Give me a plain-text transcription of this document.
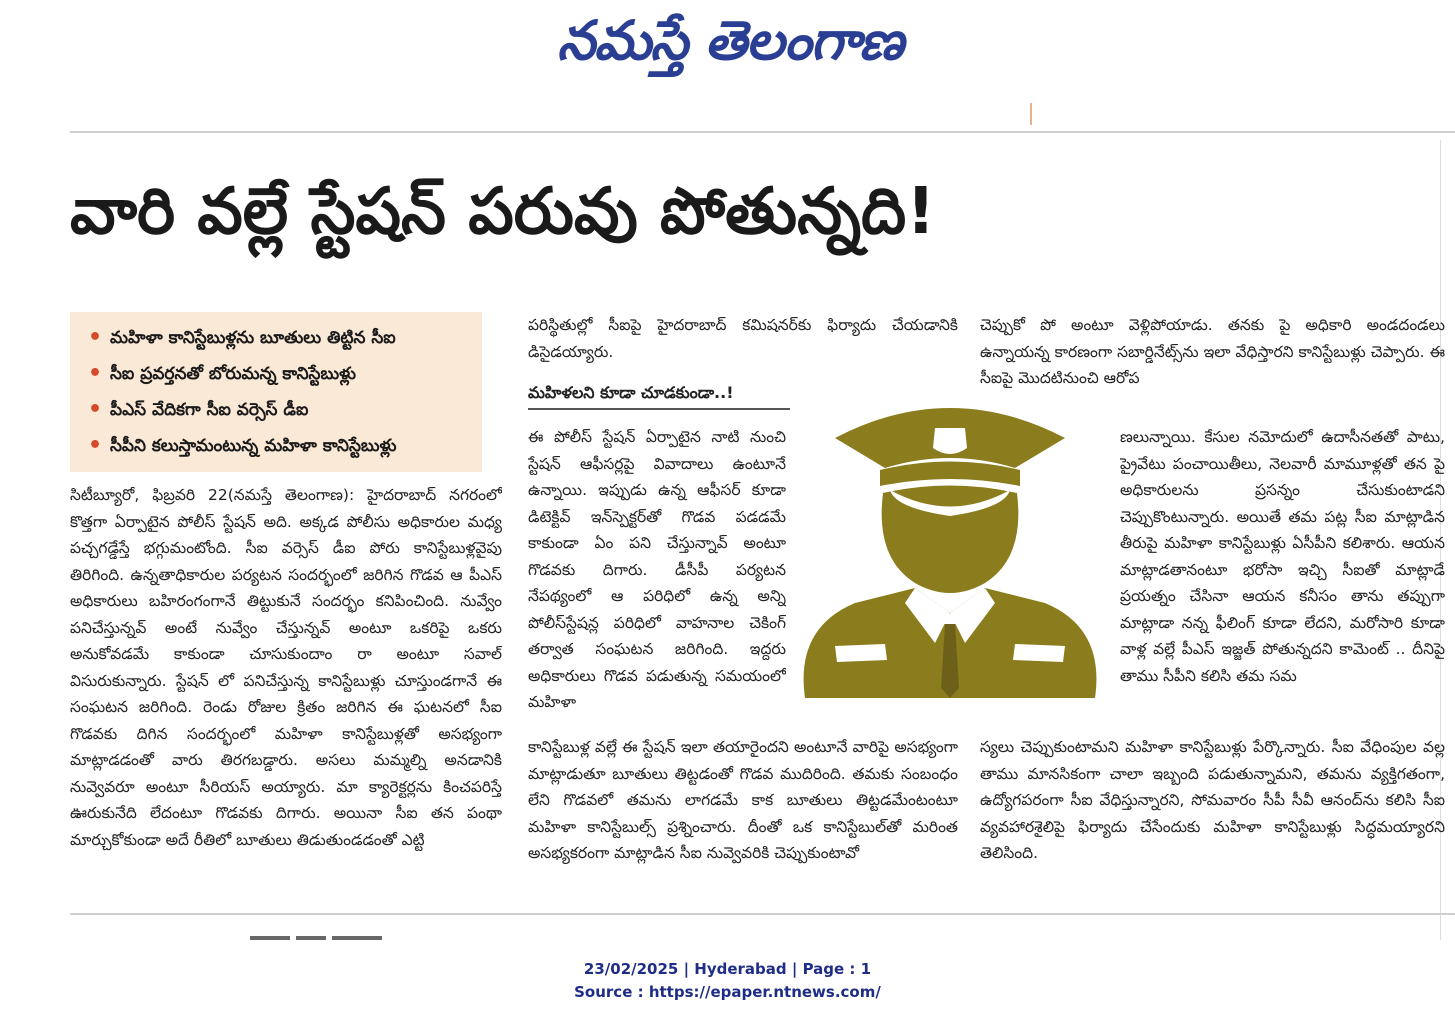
నమస్తే తెలంగాణ
వారి వల్లే స్టేషన్ పరువు పోతున్నది!
• మహిళా కానిస్టేబుళ్లను బూతులు తిట్టిన సీఐ
• సీఐ ప్రవర్తనతో బోరుమన్న కానిస్టేబుళ్లు
• పీఎస్ వేదికగా సీఐ వర్సెస్ డీఐ
• సీపీని కలుస్తామంటున్న మహిళా కానిస్టేబుళ్లు

సిటీబ్యూరో, ఫిబ్రవరి 22(నమస్తే తెలంగాణ): హైదరాబాద్ నగరంలో కొత్తగా ఏర్పాటైన పోలీస్ స్టేషన్ అది. అక్కడ పోలీసు అధికారుల మధ్య పచ్చగడ్డేస్తే భగ్గుమంటోంది. సీఐ వర్సెస్ డీఐ పోరు కానిస్టేబుళ్లవైపు తిరిగింది. ఉన్నతాధికారుల పర్యటన సందర్భంలో జరిగిన గొడవ ఆ పీఎస్ అధికారులు బహిరంగంగానే తిట్టుకునే సందర్భం కనిపించింది. నువ్వేం పనిచేస్తున్నవ్ అంటే నువ్వేం చేస్తున్నవ్ అంటూ ఒకరిపై ఒకరు అనుకోవడమే కాకుండా చూసుకుందాం రా అంటూ సవాల్ విసురుకున్నారు. స్టేషన్ లో పనిచేస్తున్న కానిస్టేబుళ్లు చూస్తుండగానే ఈ సంఘటన జరిగింది. రెండు రోజుల క్రితం జరిగిన ఈ ఘటనలో సీఐ గొడవకు దిగిన సందర్భంలో మహిళా కానిస్టేబుళ్లతో అసభ్యంగా మాట్లాడడంతో వారు తిరగబడ్డారు. అసలు మమ్మల్ని అనడానికి నువ్వెవరూ అంటూ సీరియస్ అయ్యారు. మా క్యారెక్టర్లను కించపరిస్తే ఊరుకునేది లేదంటూ గొడవకు దిగారు. అయినా సీఐ తన పంథా మార్చుకోకుండా అదే రీతిలో బూతులు తిడుతుండడంతో ఎట్టి

పరిస్థితుల్లో సీఐపై హైదరాబాద్ కమిషనర్‌కు ఫిర్యాదు చేయడానికి డిసైడయ్యారు.

మహిళలని కూడా చూడకుండా..!

ఈ పోలీస్ స్టేషన్ ఏర్పాటైన నాటి నుంచి స్టేషన్ ఆఫీసర్లపై వివాదాలు ఉంటూనే ఉన్నాయి. ఇప్పుడు ఉన్న ఆఫీసర్ కూడా డిటెక్టివ్ ఇన్‌స్పెక్టర్‌తో గొడవ పడడమే కాకుండా ఏం పని చేస్తున్నావ్ అంటూ గొడవకు దిగారు. డీసీపీ పర్యటన నేపథ్యంలో ఆ పరిధిలో ఉన్న అన్ని పోలీస్‌స్టేషన్ల పరిధిలో వాహనాల చెకింగ్ తర్వాత సంఘటన జరిగింది. ఇద్దరు అధికారులు గొడవ పడుతున్న సమయంలో మహిళా

కానిస్టేబుళ్ల వల్లే ఈ స్టేషన్ ఇలా తయారైందని అంటూనే వారిపై అసభ్యంగా మాట్లాడుతూ బూతులు తిట్టడంతో గొడవ ముదిరింది. తమకు సంబంధం లేని గొడవలో తమను లాగడమే కాక బూతులు తిట్టడమేంటంటూ మహిళా కానిస్టేబుల్స్ ప్రశ్నించారు. దీంతో ఒక కానిస్టేబుల్‌తో మరింత అసభ్యకరంగా మాట్లాడిన సీఐ నువ్వెవరికి చెప్పుకుంటావో

చెప్పుకో పో అంటూ వెళ్లిపోయాడు. తనకు పై అధికారి అండదండలు ఉన్నాయన్న కారణంగా సబార్డినేట్స్‌ను ఇలా వేధిస్తారని కానిస్టేబుళ్లు చెప్పారు. ఈ సీఐపై మొదటినుంచి ఆరోప

ణలున్నాయి. కేసుల నమోదులో ఉదాసీనతతో పాటు, ప్రైవేటు పంచాయితీలు, నెలవారీ మామూళ్లతో తన పై అధికారులను ప్రసన్నం చేసుకుంటాడని చెప్పుకొంటున్నారు. అయితే తమ పట్ల సీఐ మాట్లాడిన తీరుపై మహిళా కానిస్టేబుళ్లు ఏసీపీని కలిశారు. ఆయన మాట్లాడతానంటూ భరోసా ఇచ్చి సీఐతో మాట్లాడే ప్రయత్నం చేసినా ఆయన కనీసం తాను తప్పుగా మాట్లాడా నన్న ఫీలింగ్ కూడా లేదని, మరోసారి కూడా వాళ్ల వల్లే పీఎస్ ఇజ్జత్ పోతున్నదని కామెంట్ .. దీనిపై తాము సీపీని కలిసి తమ సమ

స్యలు చెప్పుకుంటామని మహిళా కానిస్టేబుళ్లు పేర్కొన్నారు. సీఐ వేధింపుల వల్ల తాము మానసికంగా చాలా ఇబ్బంది పడుతున్నామని, తమను వ్యక్తిగతంగా, ఉద్యోగపరంగా సీఐ వేధిస్తున్నారని, సోమవారం సీపీ సీవీ ఆనంద్‌ను కలిసి సీఐ వ్యవహారశైలిపై ఫిర్యాదు చేసేందుకు మహిళా కానిస్టేబుళ్లు సిద్ధమయ్యారని తెలిసింది.

23/02/2025 | Hyderabad | Page : 1
Source : https://epaper.ntnews.com/
